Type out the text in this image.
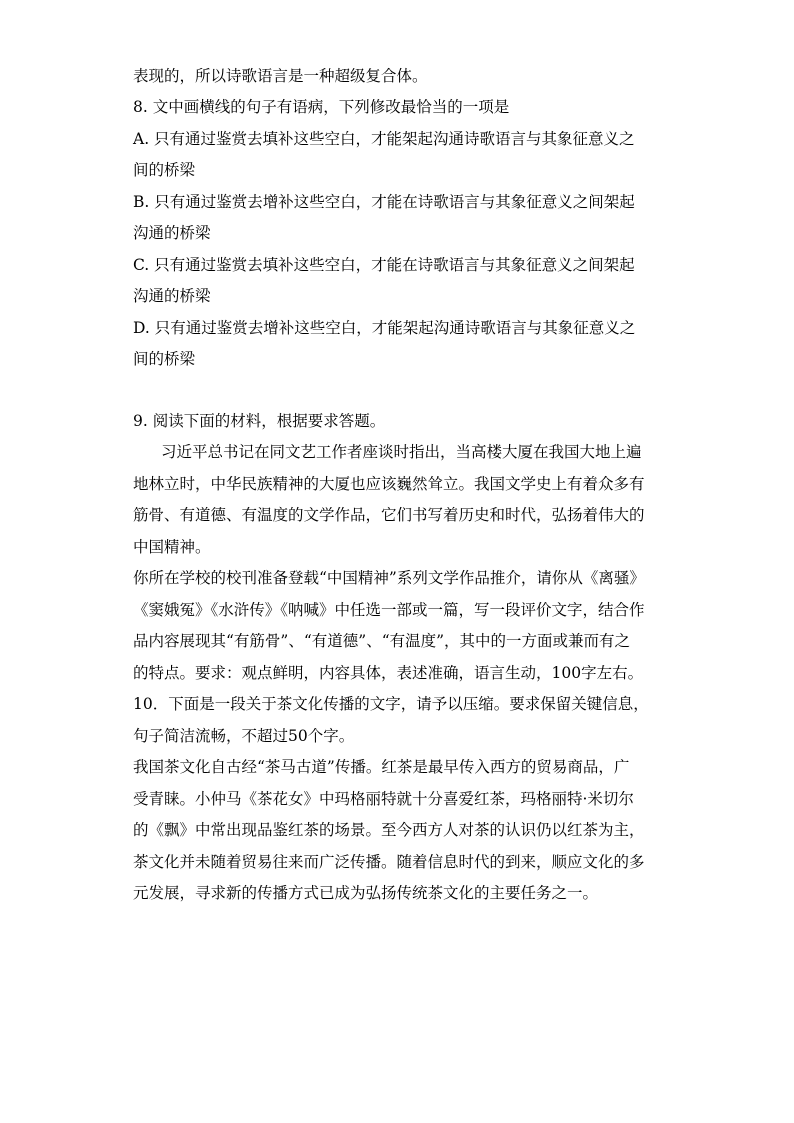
表现的，所以诗歌语言是一种超级复合体。
8. 文中画横线的句子有语病，下列修改最恰当的一项是
A. 只有通过鉴赏去填补这些空白，才能架起沟通诗歌语言与其象征意义之
间的桥梁
B. 只有通过鉴赏去增补这些空白，才能在诗歌语言与其象征意义之间架起
沟通的桥梁
C. 只有通过鉴赏去填补这些空白，才能在诗歌语言与其象征意义之间架起
沟通的桥梁
D. 只有通过鉴赏去增补这些空白，才能架起沟通诗歌语言与其象征意义之
间的桥梁
9. 阅读下面的材料，根据要求答题。
习近平总书记在同文艺工作者座谈时指出，当高楼大厦在我国大地上遍
地林立时，中华民族精神的大厦也应该巍然耸立。我国文学史上有着众多有
筋骨、有道德、有温度的文学作品，它们书写着历史和时代，弘扬着伟大的
中国精神。
你所在学校的校刊准备登载“中国精神”系列文学作品推介，请你从《离骚》
《窦娥冤》《水浒传》《呐喊》中任选一部或一篇，写一段评价文字，结合作
品内容展现其“有筋骨”、“有道德”、“有温度”，其中的一方面或兼而有之
的特点。要求：观点鲜明，内容具体，表述准确，语言生动，100字左右。
10．下面是一段关于茶文化传播的文字，请予以压缩。要求保留关键信息，
句子简洁流畅，不超过50个字。
我国茶文化自古经“茶马古道”传播。红茶是最早传入西方的贸易商品，广
受青睐。小仲马《茶花女》中玛格丽特就十分喜爱红茶，玛格丽特·米切尔
的《飘》中常出现品鉴红茶的场景。至今西方人对茶的认识仍以红茶为主，
茶文化并未随着贸易往来而广泛传播。随着信息时代的到来，顺应文化的多
元发展，寻求新的传播方式已成为弘扬传统茶文化的主要任务之一。
